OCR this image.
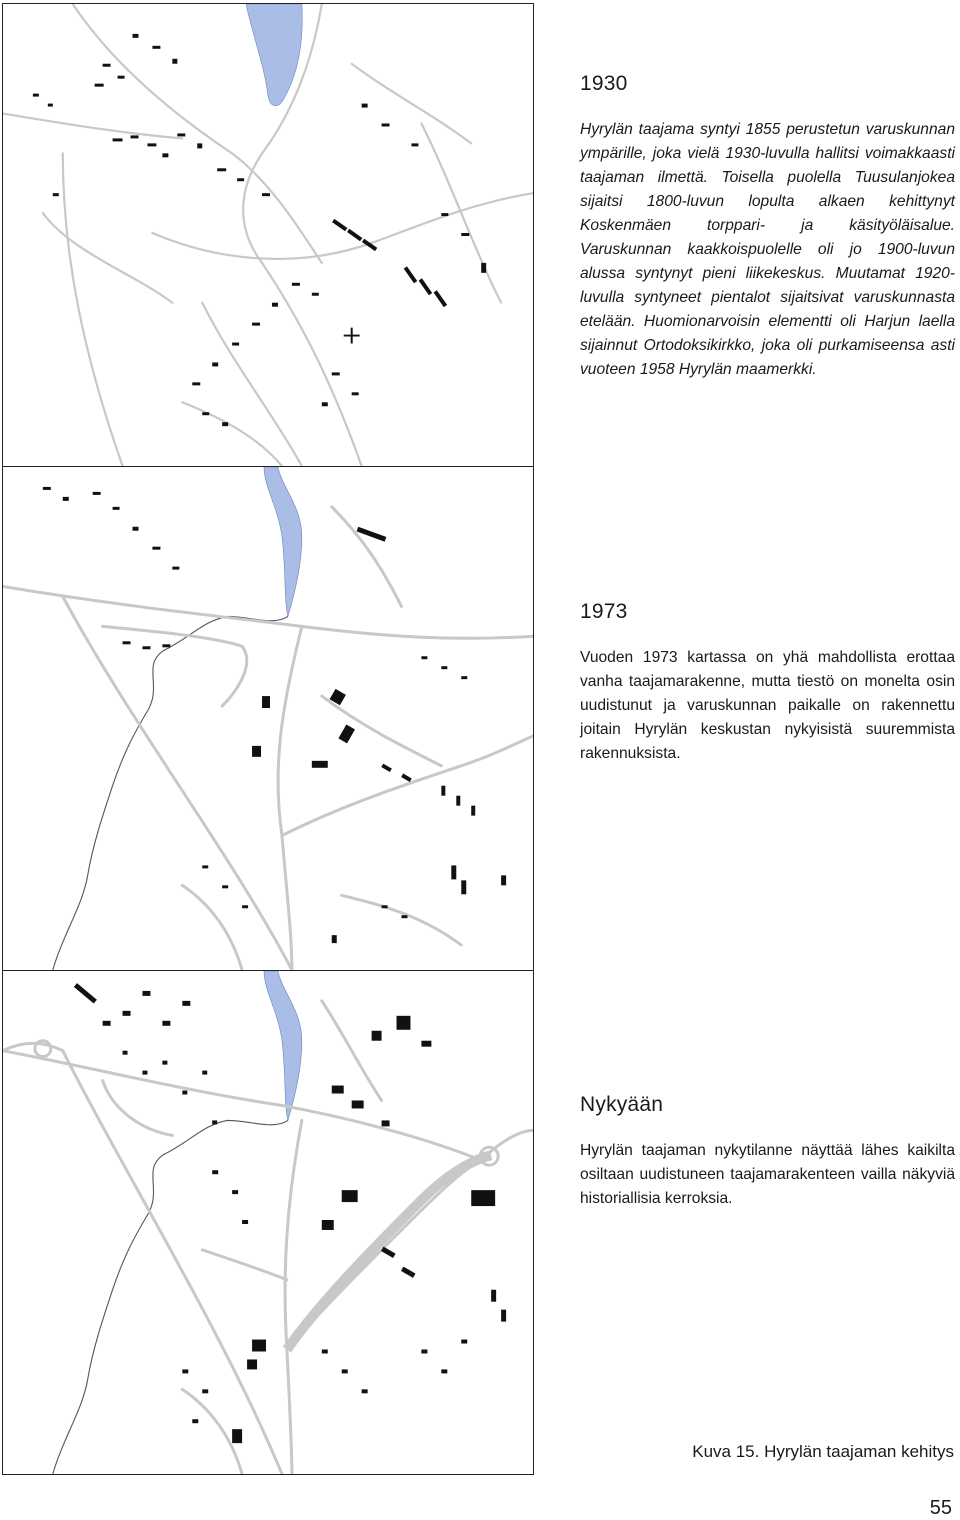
1930

Hyrylän taajama syntyi 1855 perustetun varuskunnan ympärille, joka vielä 1930-luvulla hallitsi voimakkaasti taajaman ilmettä. Toisella puolella Tuusulanjokea sijaitsi 1800-luvun lopulta alkaen kehittynyt Koskenmäen torppari- ja käsityöläisalue. Varuskunnan kaakkoispuolelle oli jo 1900-luvun alussa syntynyt pieni liikekeskus. Muutamat 1920-luvulla syntyneet pientalot sijaitsivat varuskunnasta etelään. Huomionarvoisin elementti oli Harjun laella sijainnut Ortodoksikirkko, joka oli purkamiseensa asti vuoteen 1958 Hyrylän maamerkki.

1973

Vuoden 1973 kartassa on yhä mahdollista erottaa vanha taajamarakenne, mutta tiestö on monelta osin uudistunut ja varuskunnan paikalle on rakennettu joitain Hyrylän keskustan nykyisistä suuremmista rakennuksista.

Nykyään

Hyrylän taajaman nykytilanne näyttää lähes kaikilta osiltaan uudistuneen taajamarakenteen vailla näkyviä historiallisia kerroksia.

Kuva 15. Hyrylän taajaman kehitys
55
